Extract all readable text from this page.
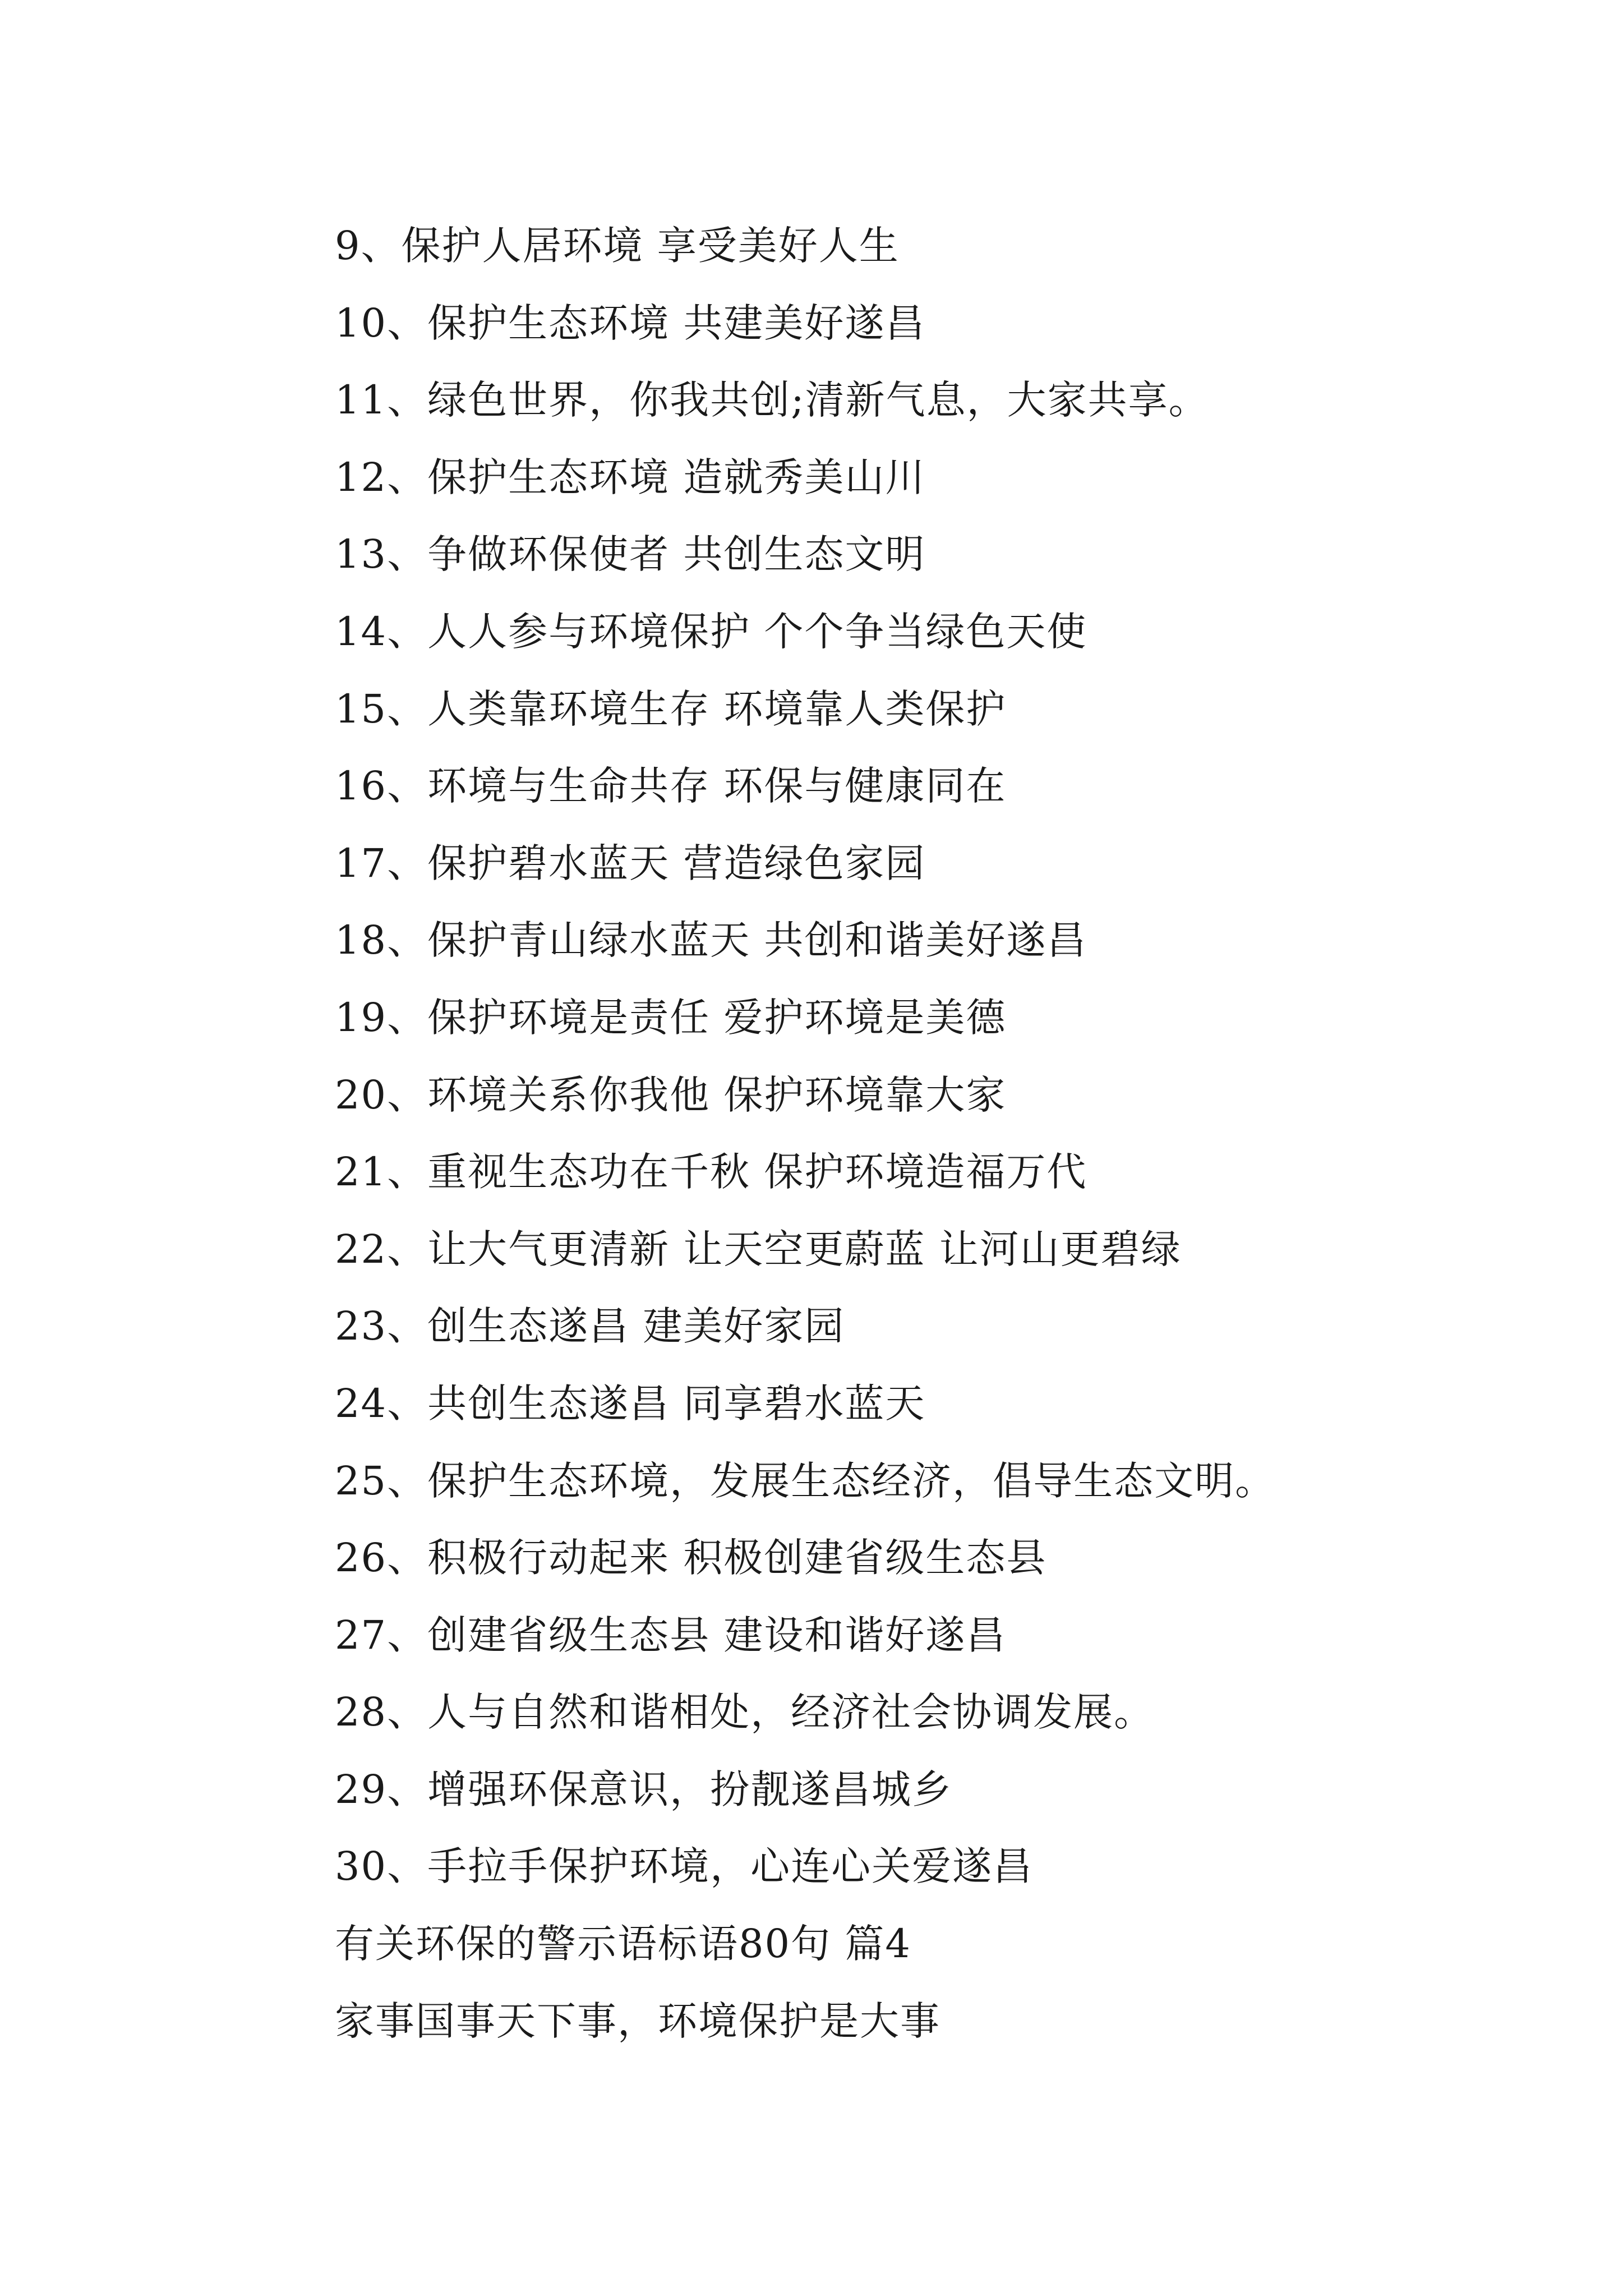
9、保护人居环境 享受美好人生
10、保护生态环境 共建美好遂昌
11、绿色世界，你我共创;清新气息，大家共享。
12、保护生态环境 造就秀美山川
13、争做环保使者 共创生态文明
14、人人参与环境保护 个个争当绿色天使
15、人类靠环境生存 环境靠人类保护
16、环境与生命共存 环保与健康同在
17、保护碧水蓝天 营造绿色家园
18、保护青山绿水蓝天 共创和谐美好遂昌
19、保护环境是责任 爱护环境是美德
20、环境关系你我他 保护环境靠大家
21、重视生态功在千秋 保护环境造福万代
22、让大气更清新 让天空更蔚蓝 让河山更碧绿
23、创生态遂昌 建美好家园
24、共创生态遂昌 同享碧水蓝天
25、保护生态环境，发展生态经济，倡导生态文明。
26、积极行动起来 积极创建省级生态县
27、创建省级生态县 建设和谐好遂昌
28、人与自然和谐相处，经济社会协调发展。
29、增强环保意识，扮靓遂昌城乡
30、手拉手保护环境，心连心关爱遂昌
有关环保的警示语标语80句 篇4
家事国事天下事，环境保护是大事
